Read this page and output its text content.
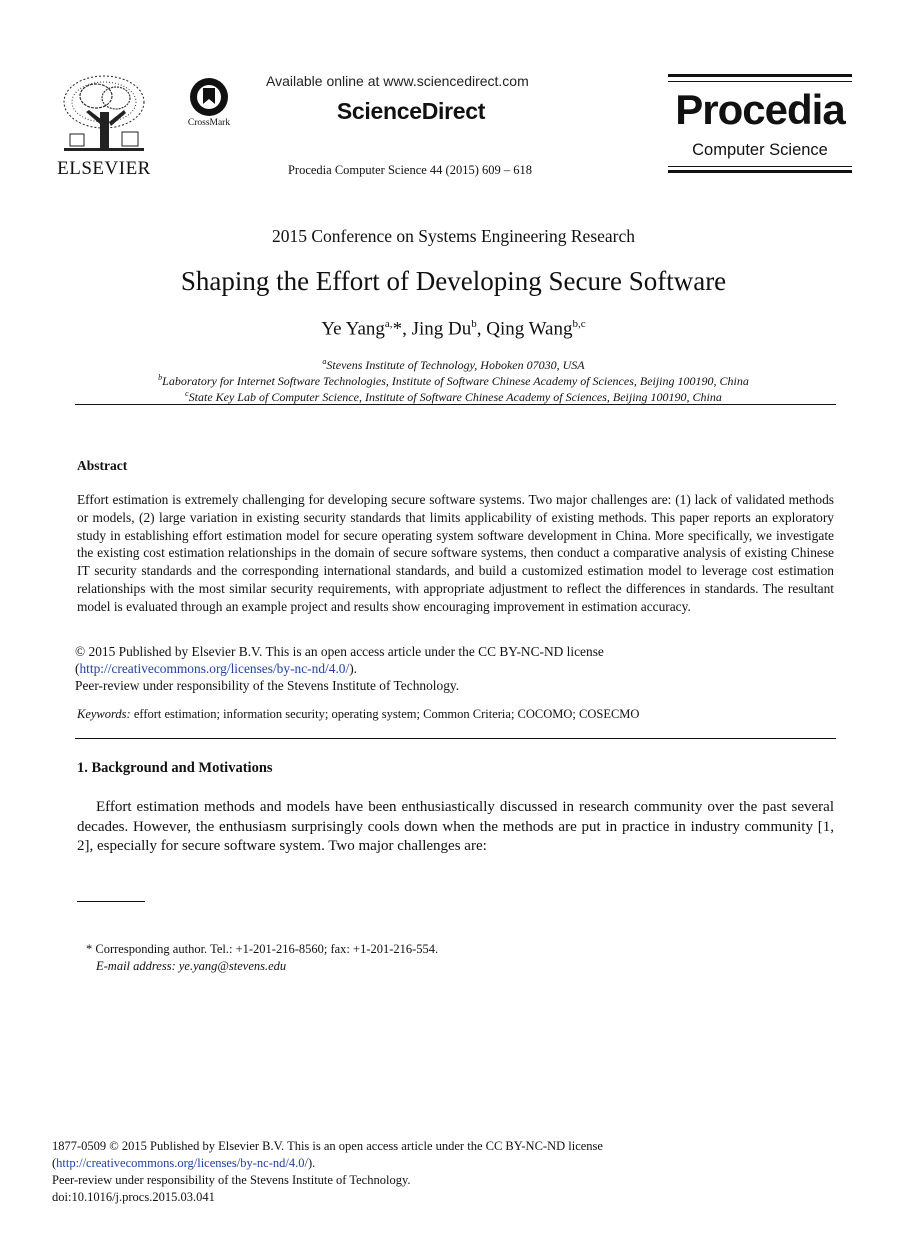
ELSEVIER
CrossMark
Available online at www.sciencedirect.com
ScienceDirect
Procedia Computer Science 44 (2015) 609 – 618
Procedia
Computer Science
2015 Conference on Systems Engineering Research
Shaping the Effort of Developing Secure Software
Ye Yang$^{a,}$*, Jing Du$^b$, Qing Wang$^{b,c}$
$^a$Stevens Institute of Technology, Hoboken 07030, USA
$^b$Laboratory for Internet Software Technologies, Institute of Software Chinese Academy of Sciences, Beijing 100190, China
$^c$State Key Lab of Computer Science, Institute of Software Chinese Academy of Sciences, Beijing 100190, China
Abstract
Effort estimation is extremely challenging for developing secure software systems. Two major challenges are: (1) lack of validated methods or models, (2) large variation in existing security standards that limits applicability of existing methods. This paper reports an exploratory study in establishing effort estimation model for secure operating system software development in China. More specifically, we investigate the existing cost estimation relationships in the domain of secure software systems, then conduct a comparative analysis of existing Chinese IT security standards and the corresponding international standards, and build a customized estimation model to leverage cost estimation relationships with the most similar security requirements, with appropriate adjustment to reflect the differences in standards. The resultant model is evaluated through an example project and results show encouraging improvement in estimation accuracy.
© 2015 Published by Elsevier B.V. This is an open access article under the CC BY-NC-ND license
(http://creativecommons.org/licenses/by-nc-nd/4.0/).
Peer-review under responsibility of the Stevens Institute of Technology.
Keywords: effort estimation; information security; operating system; Common Criteria; COCOMO; COSECMO
1. Background and Motivations
Effort estimation methods and models have been enthusiastically discussed in research community over the past several decades. However, the enthusiasm surprisingly cools down when the methods are put in practice in industry community [1, 2], especially for secure software system. Two major challenges are:
* Corresponding author. Tel.: +1-201-216-8560; fax: +1-201-216-554.
E-mail address: ye.yang@stevens.edu
1877-0509 © 2015 Published by Elsevier B.V. This is an open access article under the CC BY-NC-ND license
(http://creativecommons.org/licenses/by-nc-nd/4.0/).
Peer-review under responsibility of the Stevens Institute of Technology.
doi:10.1016/j.procs.2015.03.041
